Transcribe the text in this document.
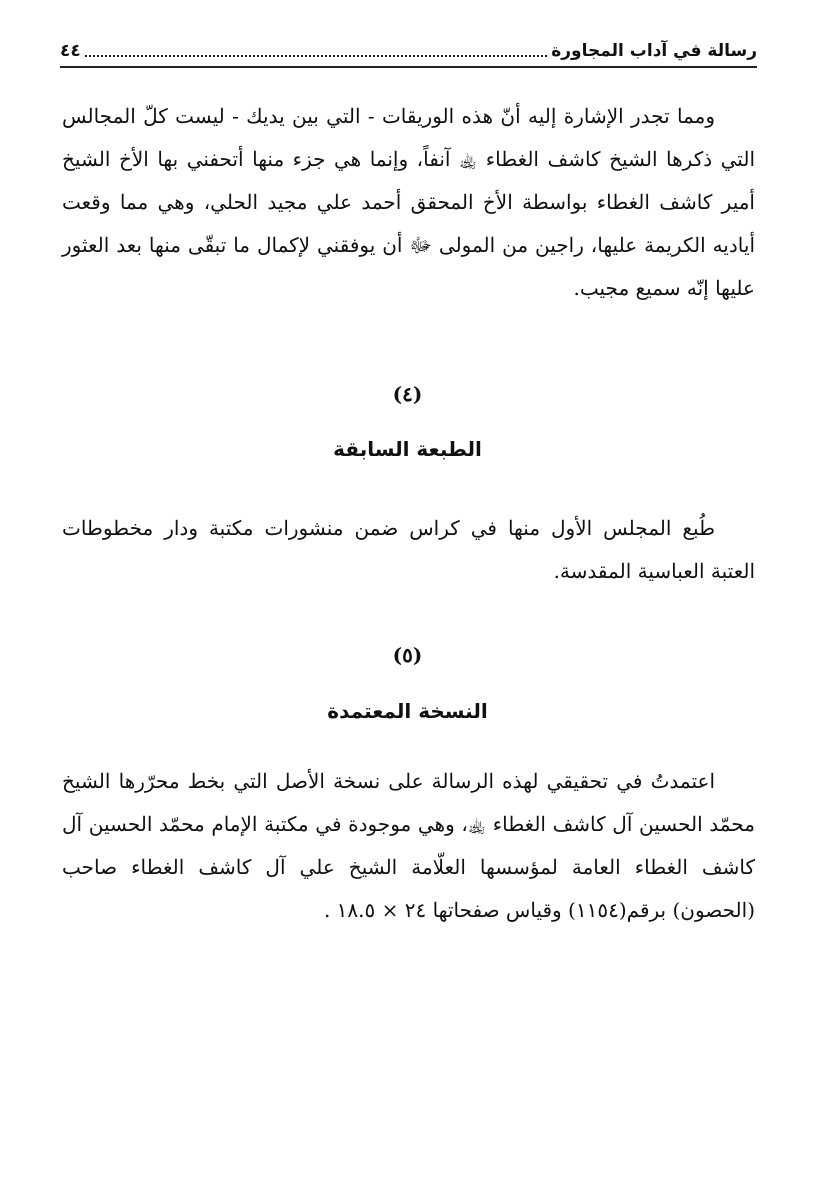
رسالة في آداب المجاورة
٤٤

ومما تجدر الإشارة إليه أنّ هذه الوريقات - التي بين يديك - ليست كلّ المجالس التي ذكرها الشيخ كاشف الغطاء ﵀ آنفاً، وإنما هي جزء منها أتحفني بها الأخ الشيخ أمير كاشف الغطاء بواسطة الأخ المحقق أحمد علي مجيد الحلي، وهي مما وقعت أياديه الكريمة عليها، راجين من المولى ﷻ أن يوفقني لإكمال ما تبقّى منها بعد العثور عليها إنّه سميع مجيب.

(٤)
الطبعة السابقة

طُبع المجلس الأول منها في كراس ضمن منشورات مكتبة ودار مخطوطات العتبة العباسية المقدسة.

(٥)
النسخة المعتمدة

اعتمدتُ في تحقيقي لهذه الرسالة على نسخة الأصل التي بخط محرّرها الشيخ محمّد الحسين آل كاشف الغطاء ﵀، وهي موجودة في مكتبة الإمام محمّد الحسين آل كاشف الغطاء العامة لمؤسسها العلّامة الشيخ علي آل كاشف الغطاء صاحب (الحصون) برقم(١١٥٤) وقياس صفحاتها ٢٤ × ١٨.٥ .
